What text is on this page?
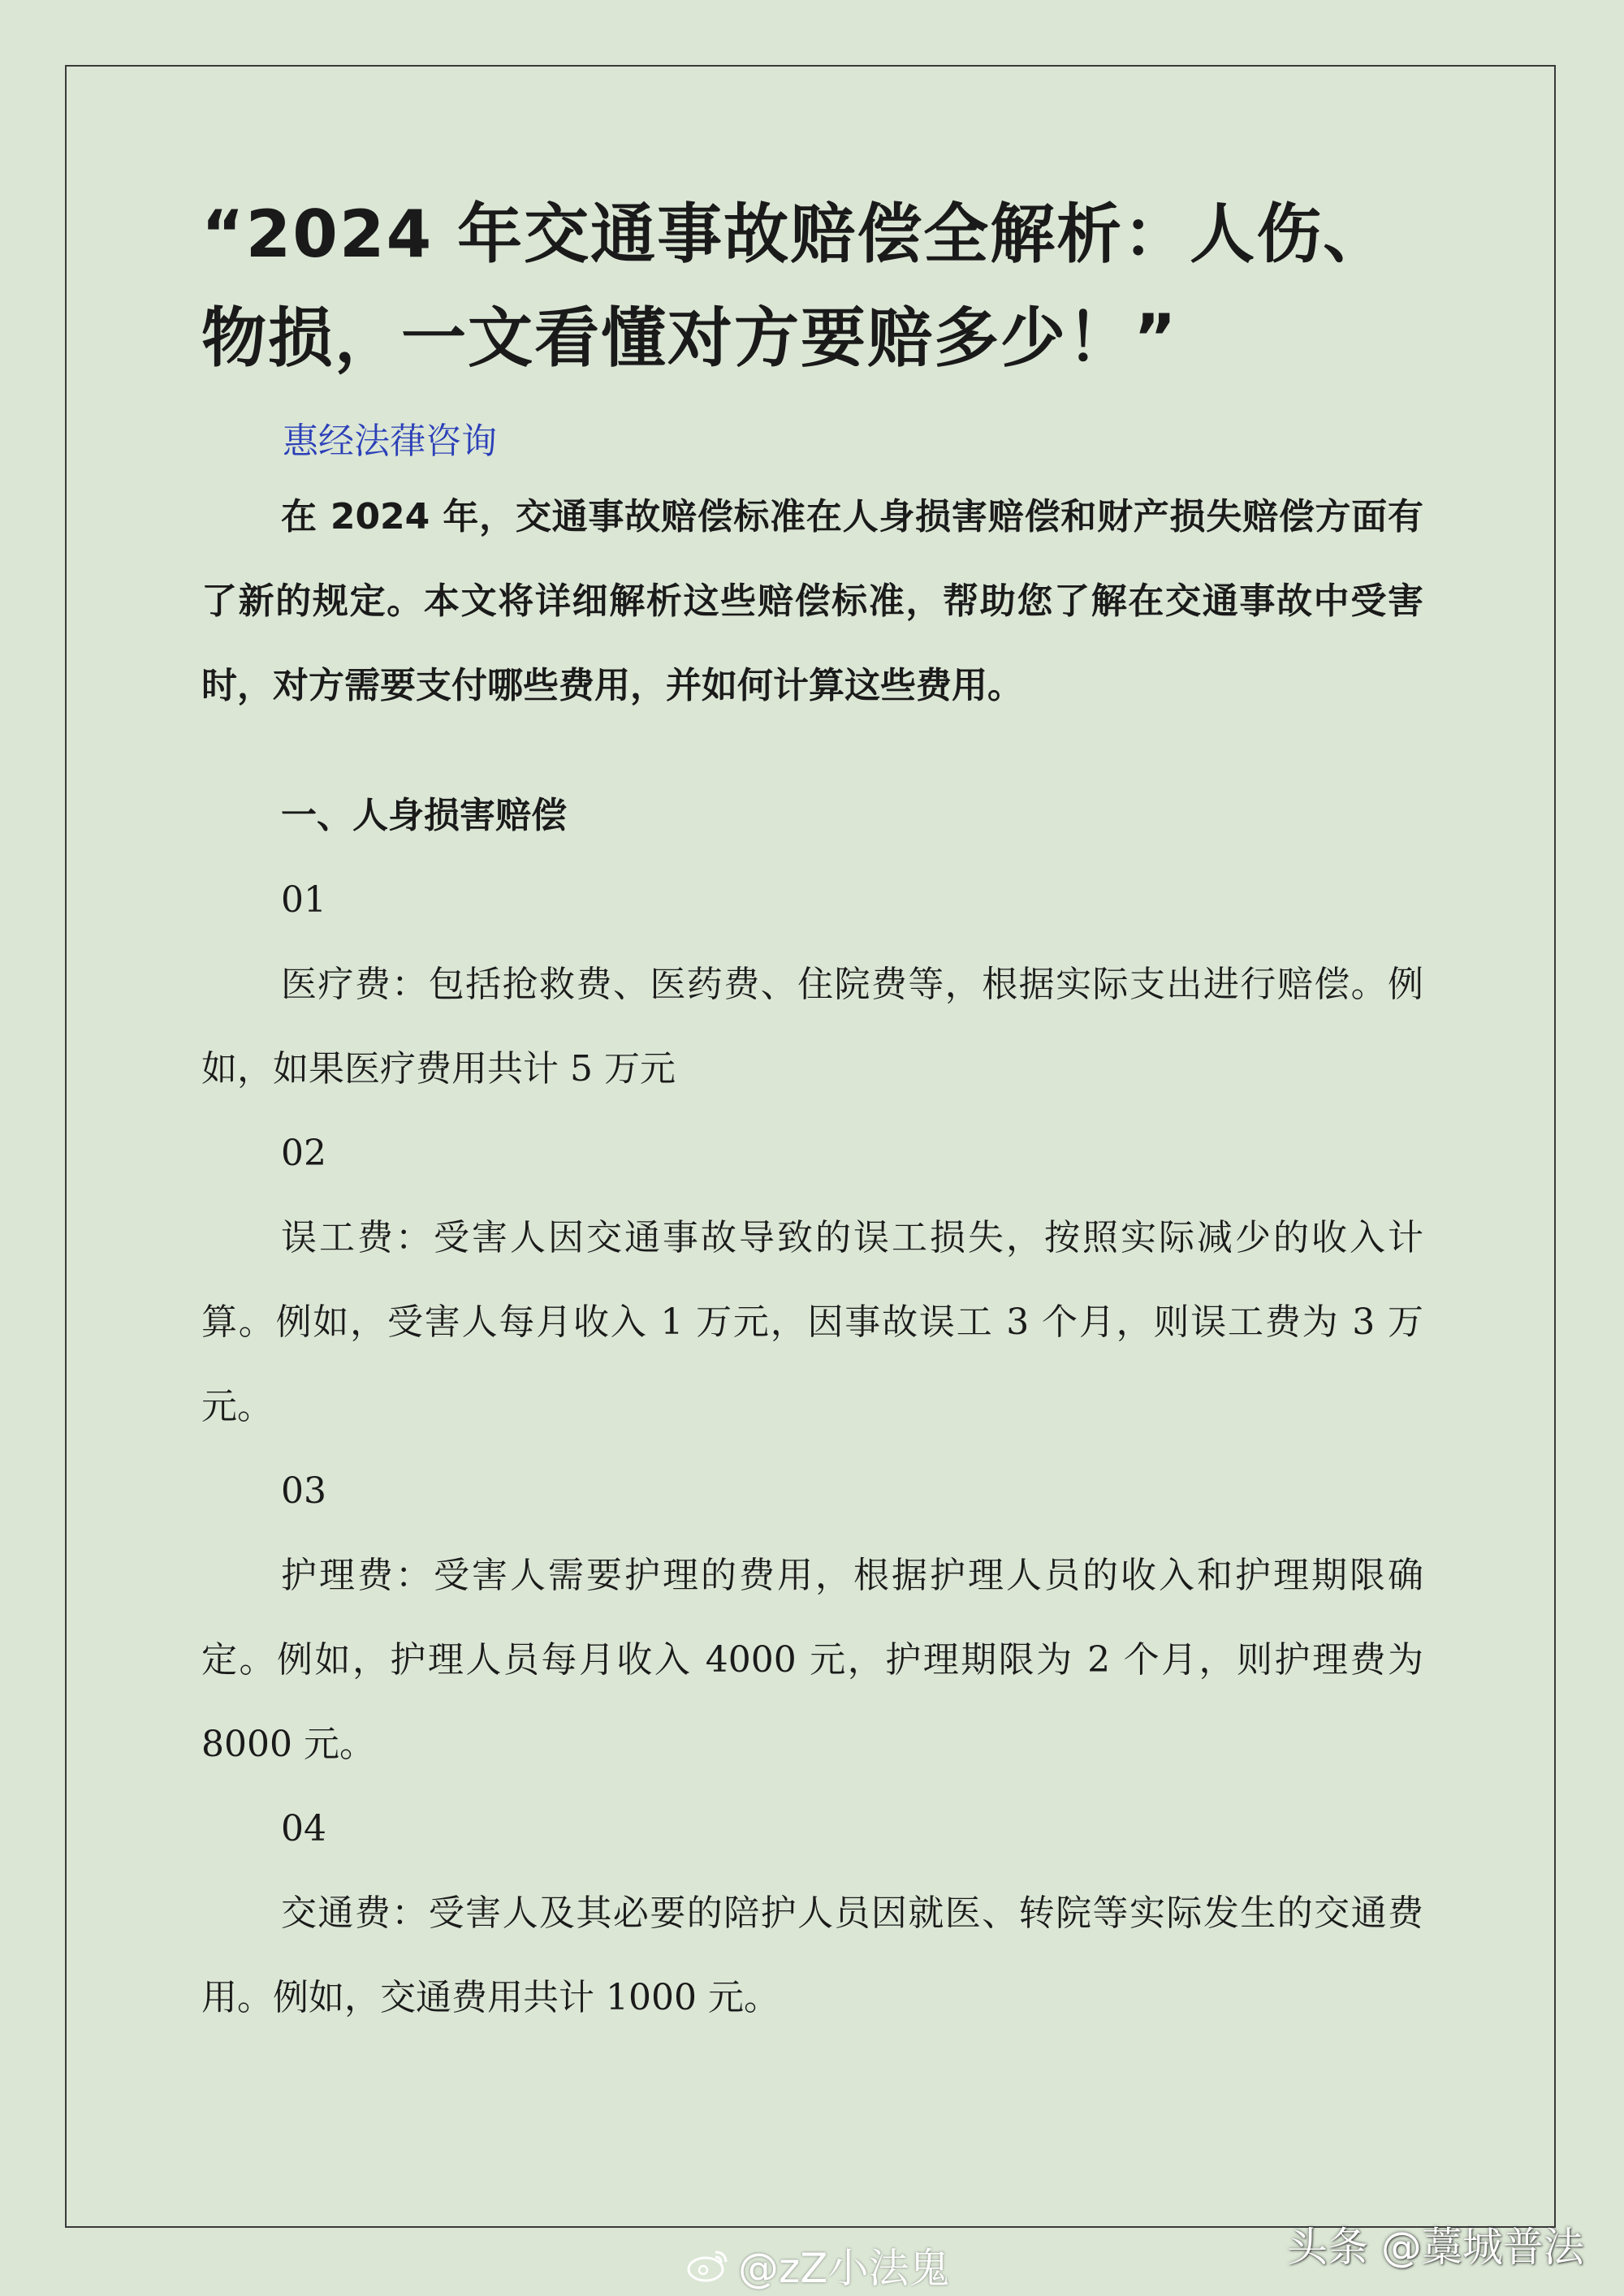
“2024 年交通事故赔偿全解析：人伤、
物损，一文看懂对方要赔多少！”
惠经法葎咨询

在 2024 年，交通事故赔偿标准在人身损害赔偿和财产损失赔偿方面有了新的规定。本文将详细解析这些赔偿标准，帮助您了解在交通事故中受害时，对方需要支付哪些费用，并如何计算这些费用。

一、人身损害赔偿
01

医疗费：包括抢救费、医药费、住院费等，根据实际支出进行赔偿。例如，如果医疗费用共计 5 万元

02

误工费：受害人因交通事故导致的误工损失，按照实际减少的收入计算。例如，受害人每月收入 1 万元，因事故误工 3 个月，则误工费为 3 万元。

03

护理费：受害人需要护理的费用，根据护理人员的收入和护理期限确定。例如，护理人员每月收入 4000 元，护理期限为 2 个月，则护理费为 8000 元。

04

交通费：受害人及其必要的陪护人员因就医、转院等实际发生的交通费用。例如，交通费用共计 1000 元。

@zZ小法鬼	头条 @藁城普法
